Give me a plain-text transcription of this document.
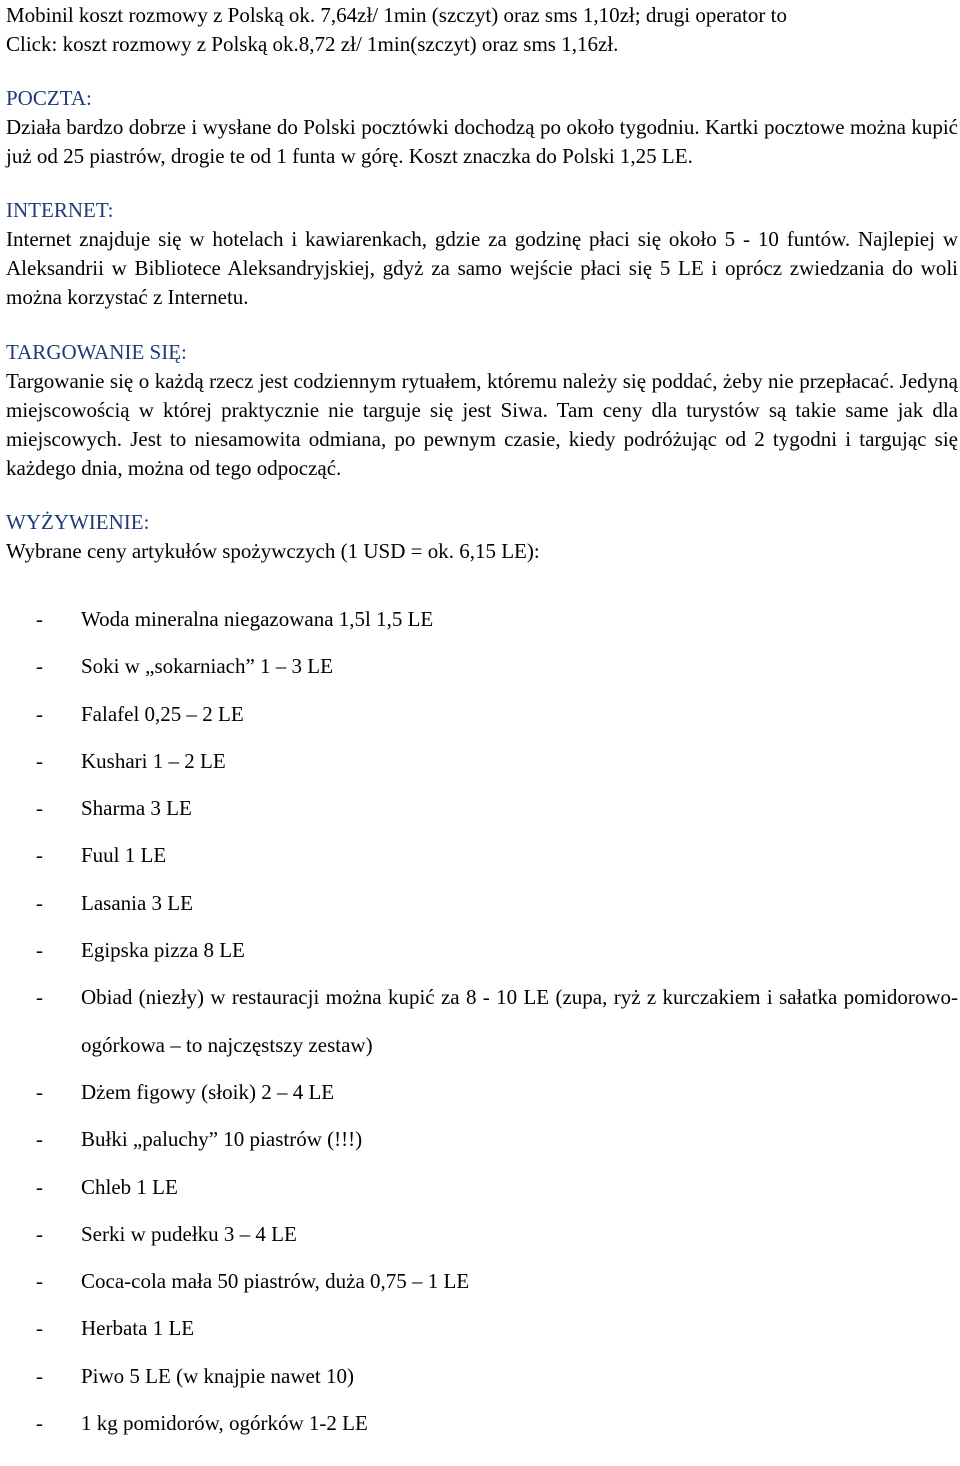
Mobinil koszt rozmowy z Polską ok. 7,64zł/ 1min (szczyt) oraz sms 1,10zł; drugi operator to
Click: koszt rozmowy z Polską ok.8,72 zł/ 1min(szczyt) oraz sms 1,16zł.
POCZTA:
Działa bardzo dobrze i wysłane do Polski pocztówki dochodzą po około tygodniu. Kartki pocztowe można kupić już od 25 piastrów, drogie te od 1 funta w górę. Koszt znaczka do Polski 1,25 LE.
INTERNET:
Internet znajduje się w hotelach i kawiarenkach, gdzie za godzinę płaci się około 5 - 10 funtów. Najlepiej w Aleksandrii w Bibliotece Aleksandryjskiej, gdyż za samo wejście płaci się 5 LE i oprócz zwiedzania do woli można korzystać z Internetu.
TARGOWANIE SIĘ:
Targowanie się o każdą rzecz jest codziennym rytuałem, któremu należy się poddać, żeby nie przepłacać. Jedyną miejscowością w której praktycznie nie targuje się jest Siwa. Tam ceny dla turystów są takie same jak dla miejscowych. Jest to niesamowita odmiana, po pewnym czasie, kiedy podróżując od 2 tygodni i targując się każdego dnia, można od tego odpocząć.
WYŻYWIENIE:
Wybrane ceny artykułów spożywczych (1 USD = ok. 6,15 LE):
- Woda mineralna niegazowana 1,5l 1,5 LE
- Soki w „sokarniach” 1 – 3 LE
- Falafel 0,25 – 2 LE
- Kushari 1 – 2 LE
- Sharma 3 LE
- Fuul 1 LE
- Lasania 3 LE
- Egipska pizza 8 LE
- Obiad (niezły) w restauracji można kupić za 8 - 10 LE (zupa, ryż z kurczakiem i sałatka pomidorowo-ogórkowa – to najczęstszy zestaw)
- Dżem figowy (słoik) 2 – 4 LE
- Bułki „paluchy” 10 piastrów (!!!)
- Chleb 1 LE
- Serki w pudełku 3 – 4 LE
- Coca-cola mała 50 piastrów, duża 0,75 – 1 LE
- Herbata 1 LE
- Piwo 5 LE (w knajpie nawet 10)
- 1 kg pomidorów, ogórków 1-2 LE
